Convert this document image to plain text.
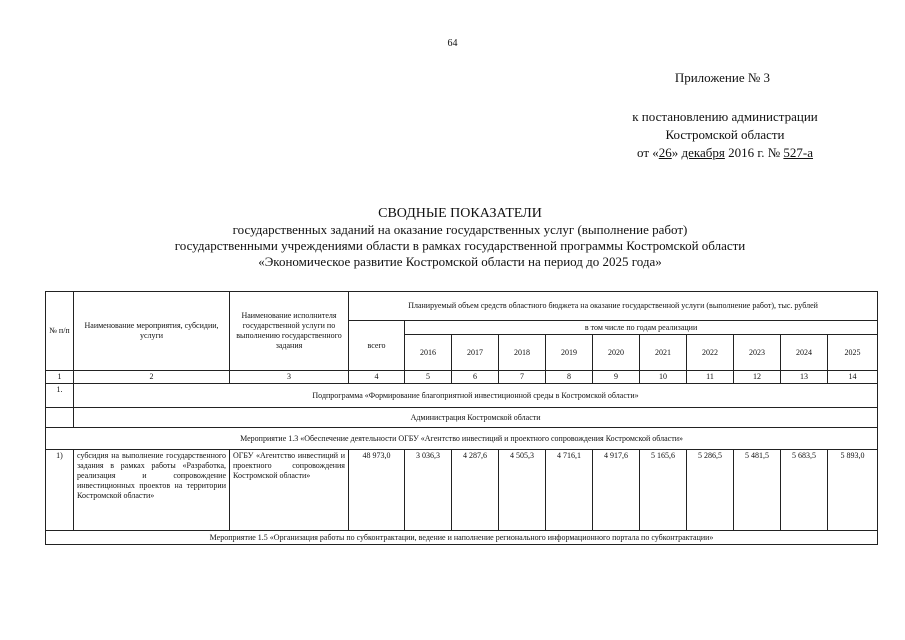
64
Приложение № 3
к постановлению администрации
Костромской области
от «26» декабря 2016 г. № 527-а
СВОДНЫЕ ПОКАЗАТЕЛИ
государственных заданий на оказание государственных услуг (выполнение работ)
государственными учреждениями области в рамках государственной программы Костромской области
«Экономическое развитие Костромской области на период до 2025 года»
№ п/п	Наименование мероприятия, субсидии, услуги	Наименование исполнителя государственной услуги по выполнению государственного задания	Планируемый объем средств областного бюджета на оказание государственной услуги (выполнение работ), тыс. рублей										
			всего	в том числе по годам реализации									
				2016	2017	2018	2019	2020	2021	2022	2023	2024	2025
1	2	3	4	5	6	7	8	9	10	11	12	13	14
1.	Подпрограмма «Формирование благоприятной инвестиционной среды в Костромской области»												
	Администрация Костромской области												
Мероприятие 1.3 «Обеспечение деятельности ОГБУ «Агентство инвестиций и проектного сопровождения Костромской области»													
1)	субсидия на выполнение государственного задания в рамках работы «Разработка, реализация и сопровождение инвестиционных проектов на территории Костромской области»	ОГБУ «Агентство инвестиций и проектного сопровождения Костромской области»	48 973,0	3 036,3	4 287,6	4 505,3	4 716,1	4 917,6	5 165,6	5 286,5	5 481,5	5 683,5	5 893,0
Мероприятие 1.5 «Организация работы по субконтрактации, ведение и наполнение регионального информационного портала по субконтрактации»													
